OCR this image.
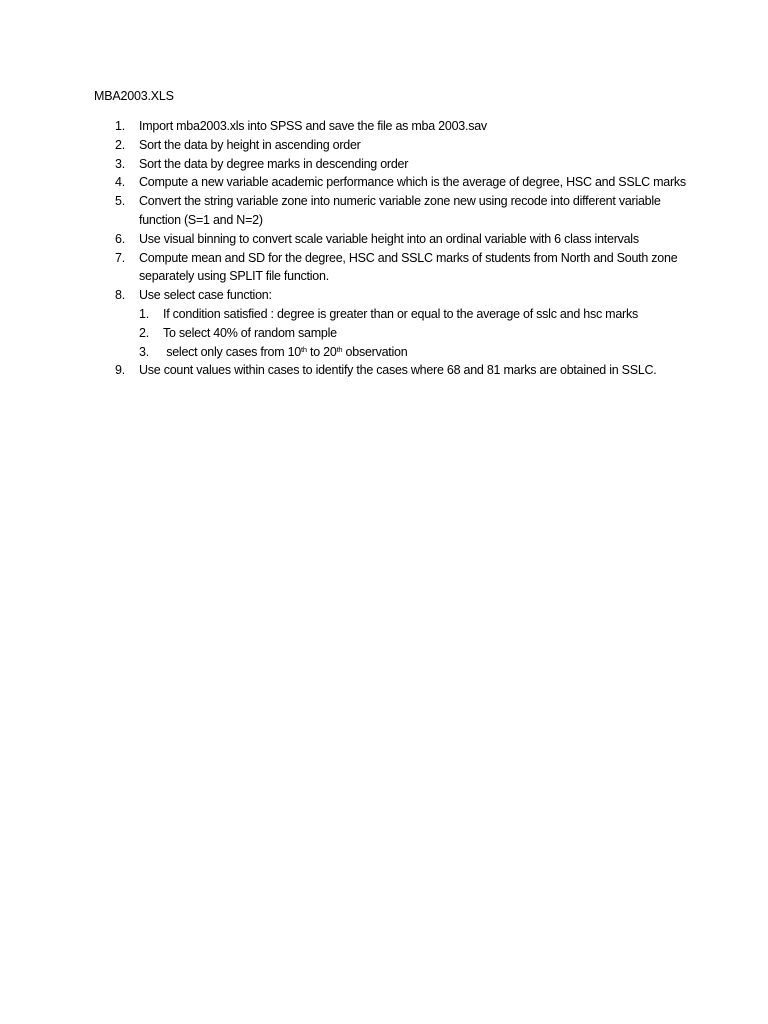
MBA2003.XLS
1.	Import mba2003.xls into SPSS and save the file as mba 2003.sav
2.	Sort the data by height in ascending order
3.	Sort the data by degree marks in descending order
4.	Compute a new variable academic performance which is the average of degree, HSC and SSLC marks
5.	Convert the string variable zone into numeric variable zone new using recode into different variable function (S=1 and N=2)
6.	Use visual binning to convert scale variable height into an ordinal variable with 6 class intervals
7.	Compute mean and SD for the degree, HSC and SSLC marks of students from North and South zone separately using SPLIT file function.
8.	Use select case function:
1.	If condition satisfied : degree is greater than or equal to the average of sslc and hsc marks
2.	To select 40% of random sample
3.	select only cases from 10th to 20th observation
9.	Use count values within cases to identify the cases where 68 and 81 marks are obtained in SSLC.
